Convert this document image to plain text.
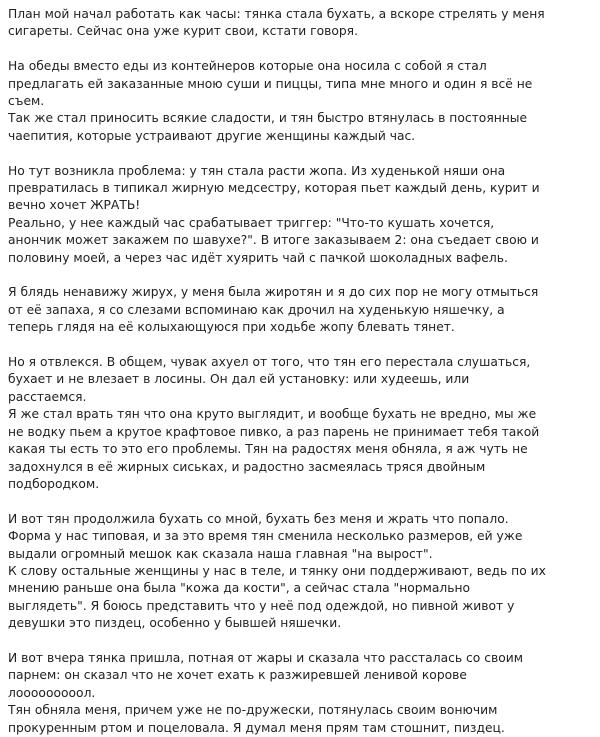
План мой начал работать как часы: тянка стала бухать, а вскоре стрелять у меня
сигареты. Сейчас она уже курит свои, кстати говоря.
На обеды вместо еды из контейнеров которые она носила с собой я стал
предлагать ей заказанные мною суши и пиццы, типа мне много и один я всё не
съем.
Так же стал приносить всякие сладости, и тян быстро втянулась в постоянные
чаепития, которые устраивают другие женщины каждый час.
Но тут возникла проблема: у тян стала расти жопа. Из худенькой няши она
превратилась в типикал жирную медсестру, которая пьет каждый день, курит и
вечно хочет ЖРАТЬ!
Реально, у нее каждый час срабатывает триггер: "Что-то кушать хочется,
анончик может закажем по шавухе?". В итоге заказываем 2: она съедает свою и
половину моей, а через час идёт хуярить чай с пачкой шоколадных вафель.
Я блядь ненавижу жирух, у меня была жиротян и я до сих пор не могу отмыться
от её запаха, я со слезами вспоминаю как дрочил на худенькую няшечку, а
теперь глядя на её колыхающуюся при ходьбе жопу блевать тянет.
Но я отвлекся. В общем, чувак ахуел от того, что тян его перестала слушаться,
бухает и не влезает в лосины. Он дал ей установку: или худеешь, или
расстаемся.
Я же стал врать тян что она круто выглядит, и вообще бухать не вредно, мы же
не водку пьем а крутое крафтовое пивко, а раз парень не принимает тебя такой
какая ты есть то это его проблемы. Тян на радостях меня обняла, я аж чуть не
задохнулся в её жирных сиськах, и радостно засмеялась тряся двойным
подбородком.
И вот тян продолжила бухать со мной, бухать без меня и жрать что попало.
Форма у нас типовая, и за это время тян сменила несколько размеров, ей уже
выдали огромный мешок как сказала наша главная "на вырост".
К слову остальные женщины у нас в теле, и тянку они поддерживают, ведь по их
мнению раньше она была "кожа да кости", а сейчас стала "нормально
выглядеть". Я боюсь представить что у неё под одеждой, но пивной живот у
девушки это пиздец, особенно у бывшей няшечки.
И вот вчера тянка пришла, потная от жары и сказала что рассталась со своим
парнем: он сказал что не хочет ехать к разжиревшей ленивой корове
лооооооооол.
Тян обняла меня, причем уже не по-дружески, потянулась своим вонючим
прокуренным ртом и поцеловала. Я думал меня прям там стошнит, пиздец.
